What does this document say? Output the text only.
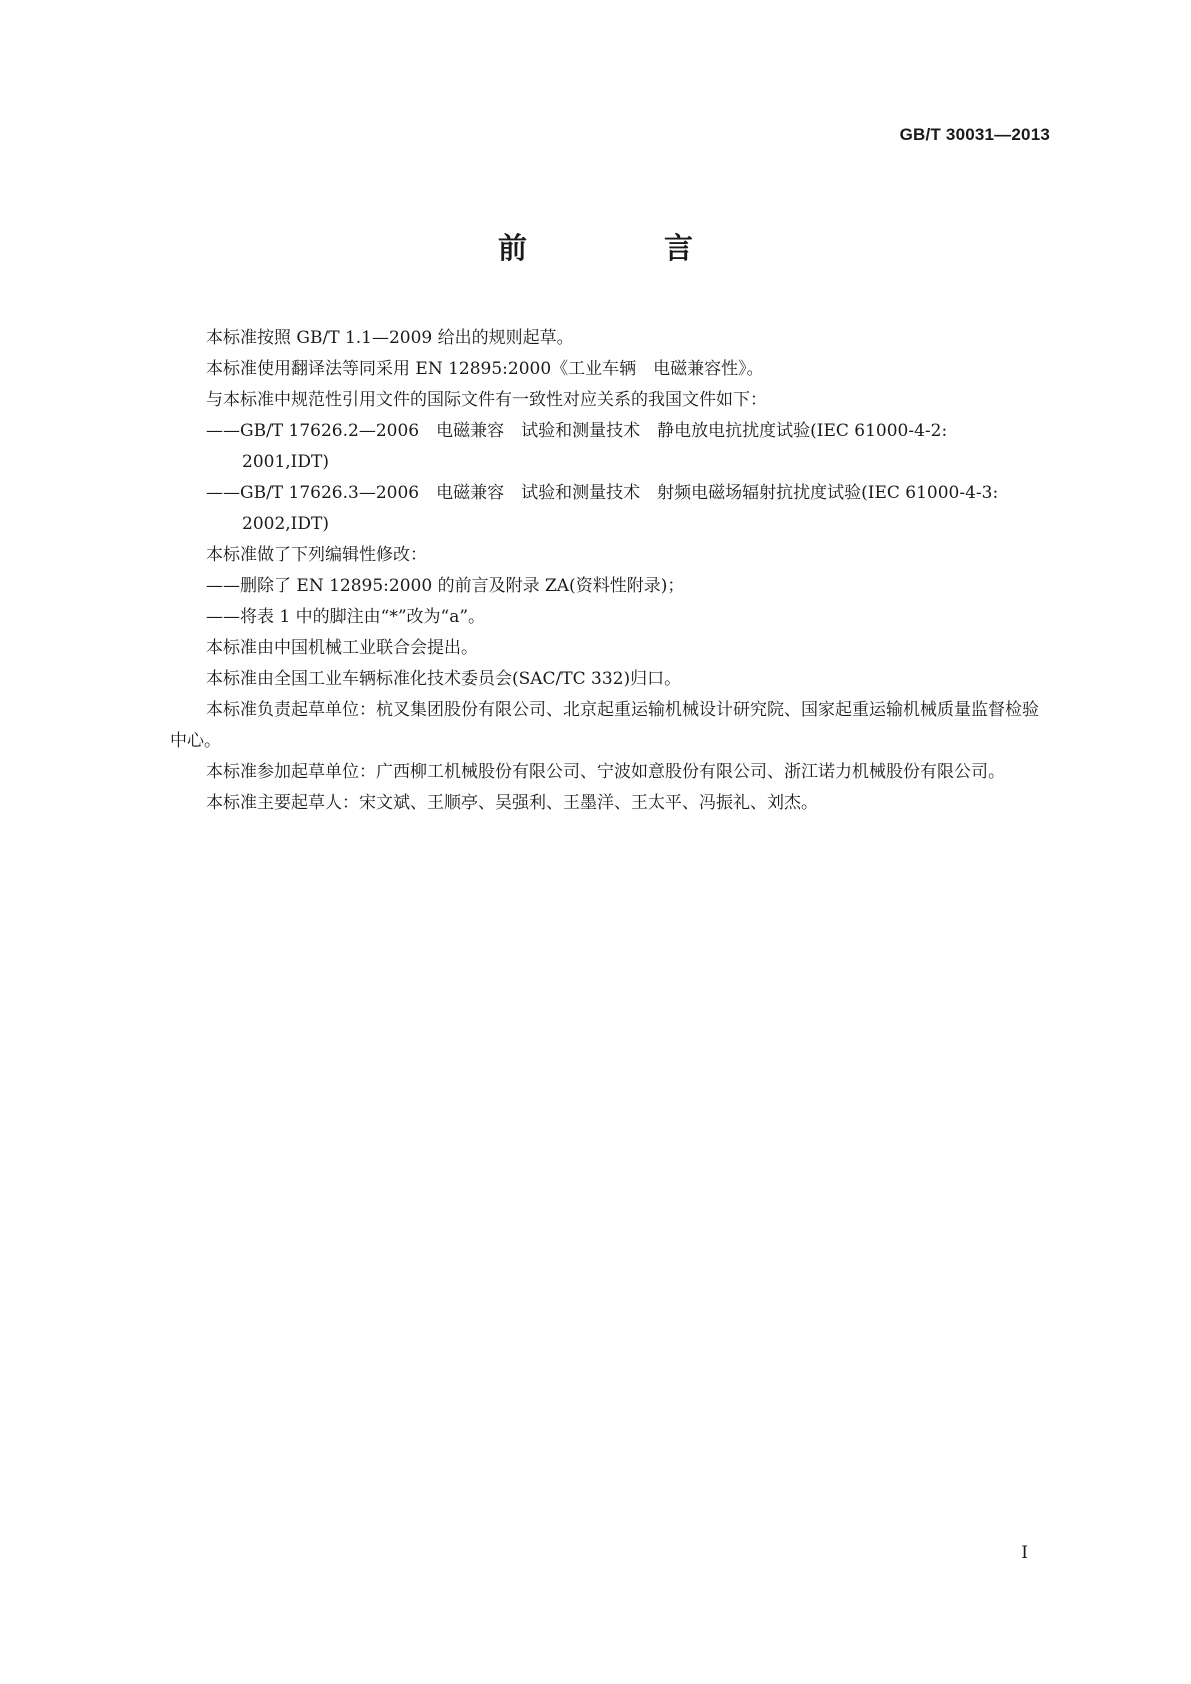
GB/T 30031—2013
前　言

本标准按照 GB/T 1.1—2009 给出的规则起草。

本标准使用翻译法等同采用 EN 12895:2000《工业车辆　电磁兼容性》。

与本标准中规范性引用文件的国际文件有一致性对应关系的我国文件如下：

——GB/T 17626.2—2006　电磁兼容　试验和测量技术　静电放电抗扰度试验(IEC 61000-4-2:
2001,IDT)
——GB/T 17626.3—2006　电磁兼容　试验和测量技术　射频电磁场辐射抗扰度试验(IEC 61000-4-3:
2002,IDT)

本标准做了下列编辑性修改：

——删除了 EN 12895:2000 的前言及附录 ZA(资料性附录)；
——将表 1 中的脚注由“*”改为“a”。

本标准由中国机械工业联合会提出。

本标准由全国工业车辆标准化技术委员会(SAC/TC 332)归口。

本标准负责起草单位：杭叉集团股份有限公司、北京起重运输机械设计研究院、国家起重运输机械质量监督检验中心。

本标准参加起草单位：广西柳工机械股份有限公司、宁波如意股份有限公司、浙江诺力机械股份有限公司。

本标准主要起草人：宋文斌、王顺亭、吴强利、王墨洋、王太平、冯振礼、刘杰。

I
